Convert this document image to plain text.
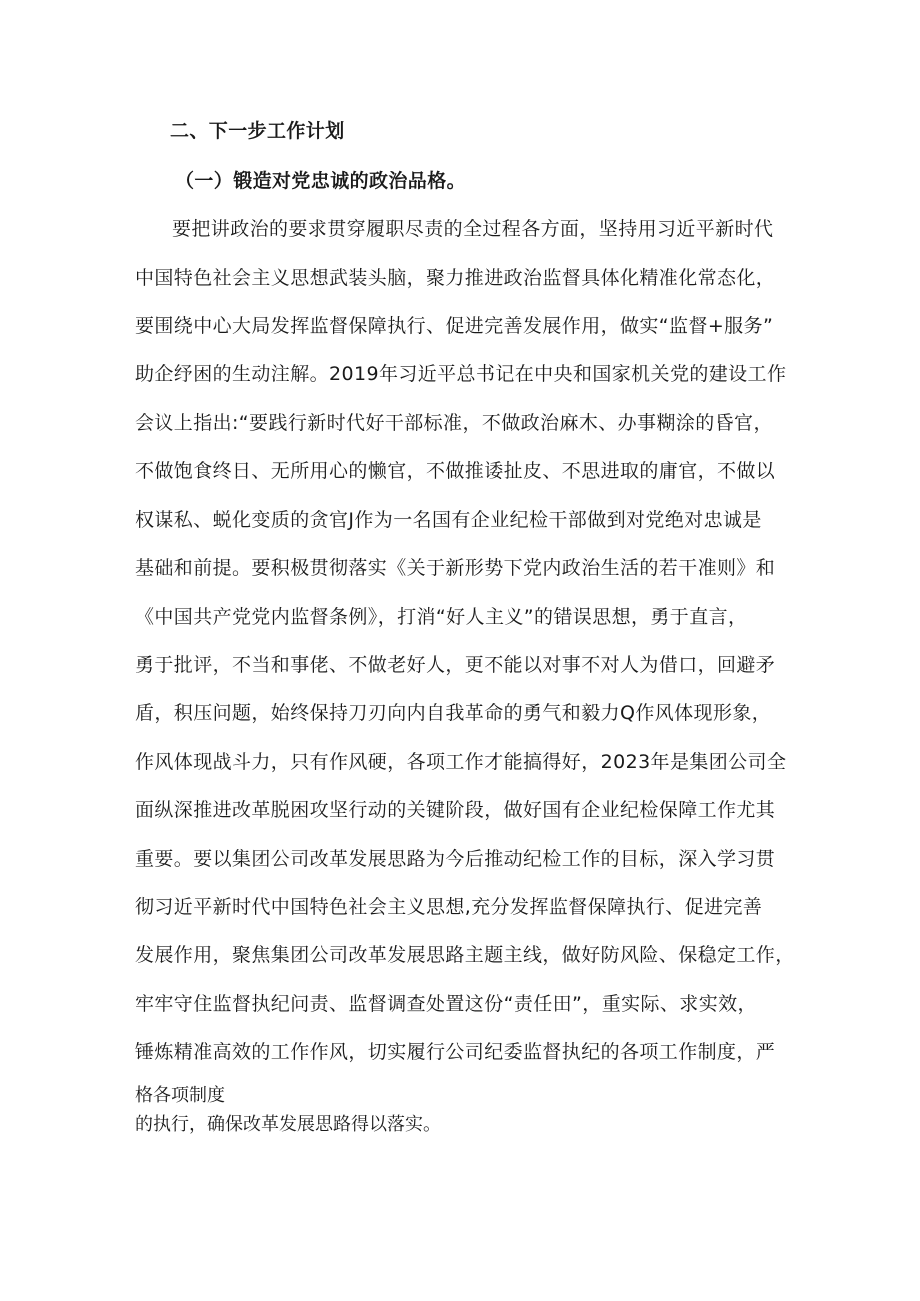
二、下一步工作计划
（一）锻造对党忠诚的政治品格。
要把讲政治的要求贯穿履职尽责的全过程各方面，坚持用习近平新时代
中国特色社会主义思想武装头脑，聚力推进政治监督具体化精准化常态化，
要围绕中心大局发挥监督保障执行、促进完善发展作用，做实“监督+服务”
助企纾困的生动注解。2019年习近平总书记在中央和国家机关党的建设工作
会议上指出:“要践行新时代好干部标准，不做政治麻木、办事糊涂的昏官，
不做饱食终日、无所用心的懒官，不做推诿扯皮、不思进取的庸官，不做以
权谋私、蜕化变质的贪官J作为一名国有企业纪检干部做到对党绝对忠诚是
基础和前提。要积极贯彻落实《关于新形势下党内政治生活的若干准则》和
《中国共产党党内监督条例》，打消“好人主义”的错误思想，勇于直言，
勇于批评，不当和事佬、不做老好人，更不能以对事不对人为借口，回避矛
盾，积压问题，始终保持刀刃向内自我革命的勇气和毅力Q作风体现形象，
作风体现战斗力，只有作风硬，各项工作才能搞得好，2023年是集团公司全
面纵深推进改革脱困攻坚行动的关键阶段，做好国有企业纪检保障工作尤其
重要。要以集团公司改革发展思路为今后推动纪检工作的目标，深入学习贯
彻习近平新时代中国特色社会主义思想,充分发挥监督保障执行、促进完善
发展作用，聚焦集团公司改革发展思路主题主线，做好防风险、保稳定工作，
牢牢守住监督执纪问责、监督调查处置这份“责任田”，重实际、求实效，
锤炼精准高效的工作作风，切实履行公司纪委监督执纪的各项工作制度，严
格各项制度
的执行，确保改革发展思路得以落实。
